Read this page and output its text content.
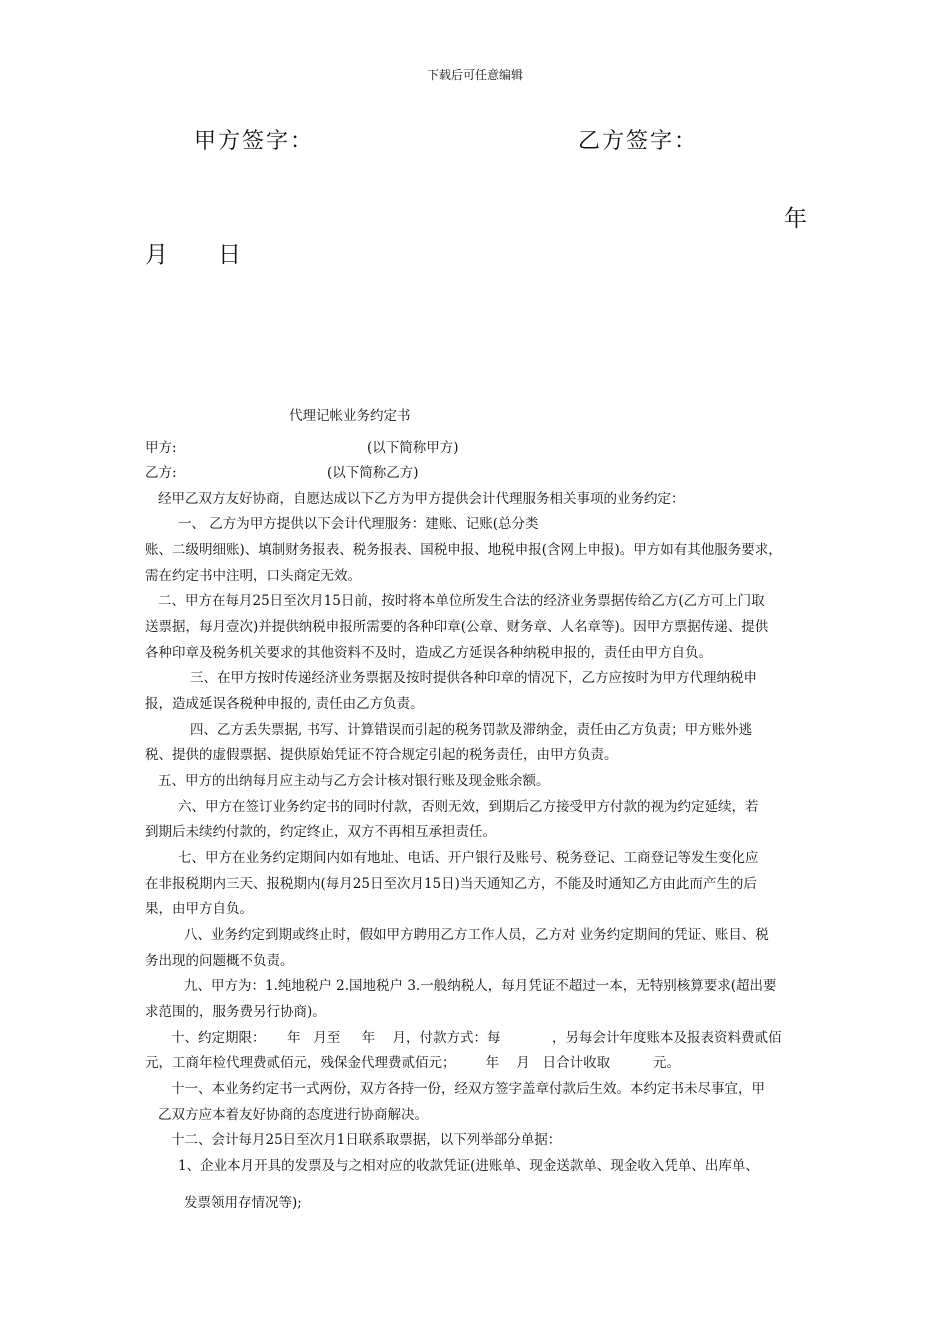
下载后可任意编辑
甲方签字：	乙方签字：
年
月 日
代理记帐业务约定书
甲方:	(以下简称甲方)
乙方:	(以下简称乙方)
经甲乙双方友好协商，自愿达成以下乙方为甲方提供会计代理服务相关事项的业务约定：
一、 乙方为甲方提供以下会计代理服务：建账、记账(总分类
账、二级明细账)、填制财务报表、税务报表、国税申报、地税申报(含网上申报)。甲方如有其他服务要求，
需在约定书中注明，口头商定无效。
二、甲方在每月25日至次月15日前，按时将本单位所发生合法的经济业务票据传给乙方(乙方可上门取
送票据，每月壹次)并提供纳税申报所需要的各种印章(公章、财务章、人名章等)。因甲方票据传递、提供
各种印章及税务机关要求的其他资料不及时，造成乙方延误各种纳税申报的，责任由甲方自负。
三、在甲方按时传递经济业务票据及按时提供各种印章的情况下，乙方应按时为甲方代理纳税申
报，造成延误各税种申报的, 责任由乙方负责。
四、乙方丢失票据, 书写、计算错误而引起的税务罚款及滞纳金，责任由乙方负责；甲方账外逃
税、提供的虚假票据、提供原始凭证不符合规定引起的税务责任，由甲方负责。
五、甲方的出纳每月应主动与乙方会计核对银行账及现金账余额。
六、甲方在签订业务约定书的同时付款，否则无效，到期后乙方接受甲方付款的视为约定延续，若
到期后未续约付款的，约定终止，双方不再相互承担责任。
七、甲方在业务约定期间内如有地址、电话、开户银行及账号、税务登记、工商登记等发生变化应
在非报税期内三天、报税期内(每月25日至次月15日)当天通知乙方，不能及时通知乙方由此而产生的后
果，由甲方自负。
八、业务约定到期或终止时，假如甲方聘用乙方工作人员，乙方对 业务约定期间的凭证、账目、税
务出现的问题概不负责。
九、甲方为：1.纯地税户 2.国地税户 3.一般纳税人，每月凭证不超过一本，无特别核算要求(超出要
求范围的，服务费另行协商)。
十、约定期限：     年   月至     年    月，付款方式：每            ，另每会计年度账本及报表资料费贰佰
元，工商年检代理费贰佰元，残保金代理费贰佰元；       年    月   日合计收取          元。
十一、本业务约定书一式两份，双方各持一份，经双方签字盖章付款后生效。本约定书未尽事宜，甲
乙双方应本着友好协商的态度进行协商解决。
十二、会计每月25日至次月1日联系取票据，以下列举部分单据：
1、企业本月开具的发票及与之相对应的收款凭证(进账单、现金送款单、现金收入凭单、出库单、
发票领用存情况等);
